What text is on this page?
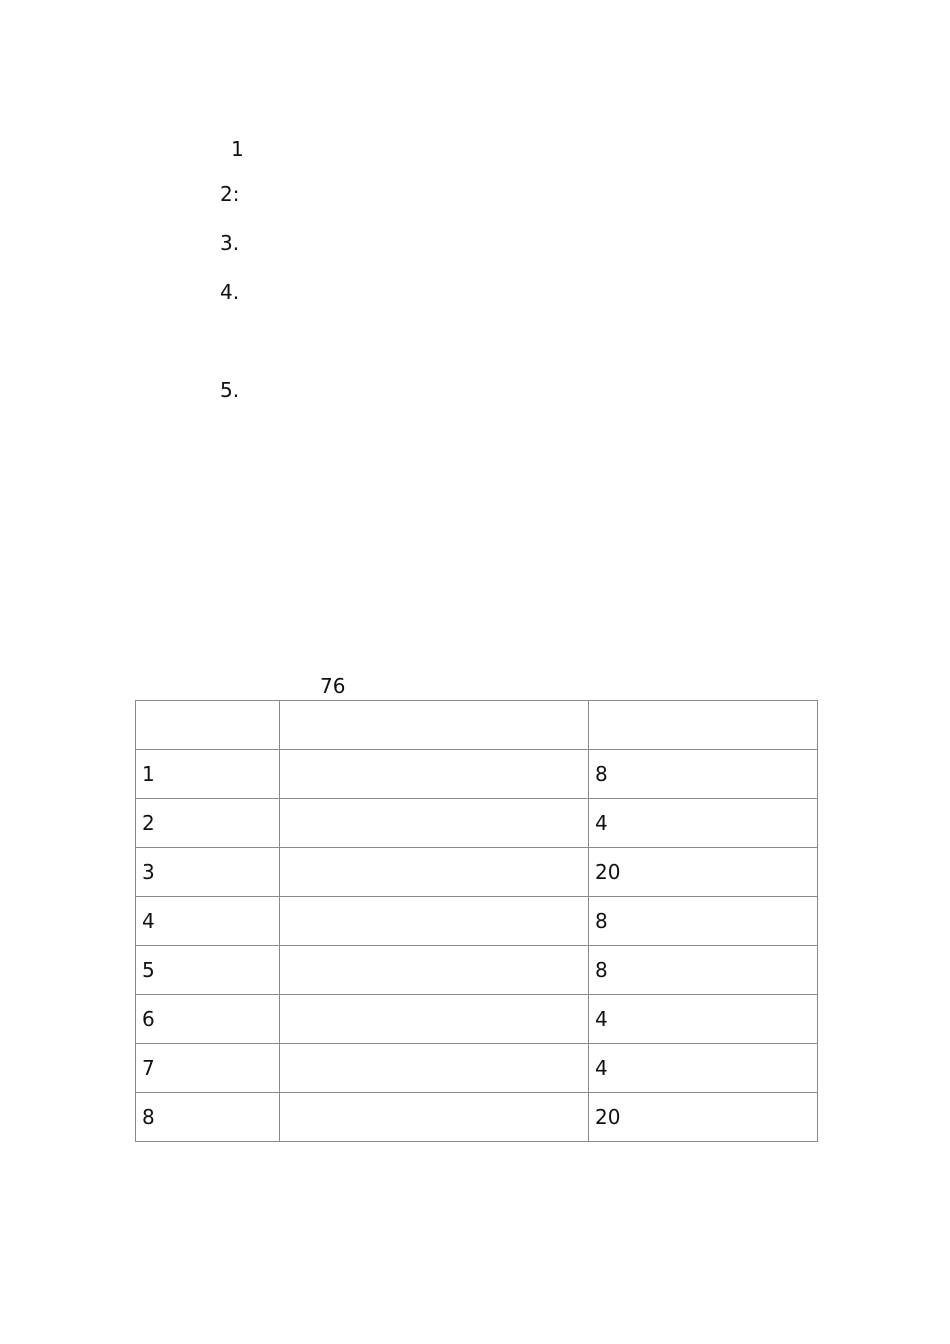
1
2:
3.
4.
5.
76

1		8
2		4
3		20
4		8
5		8
6		4
7		4
8		20
